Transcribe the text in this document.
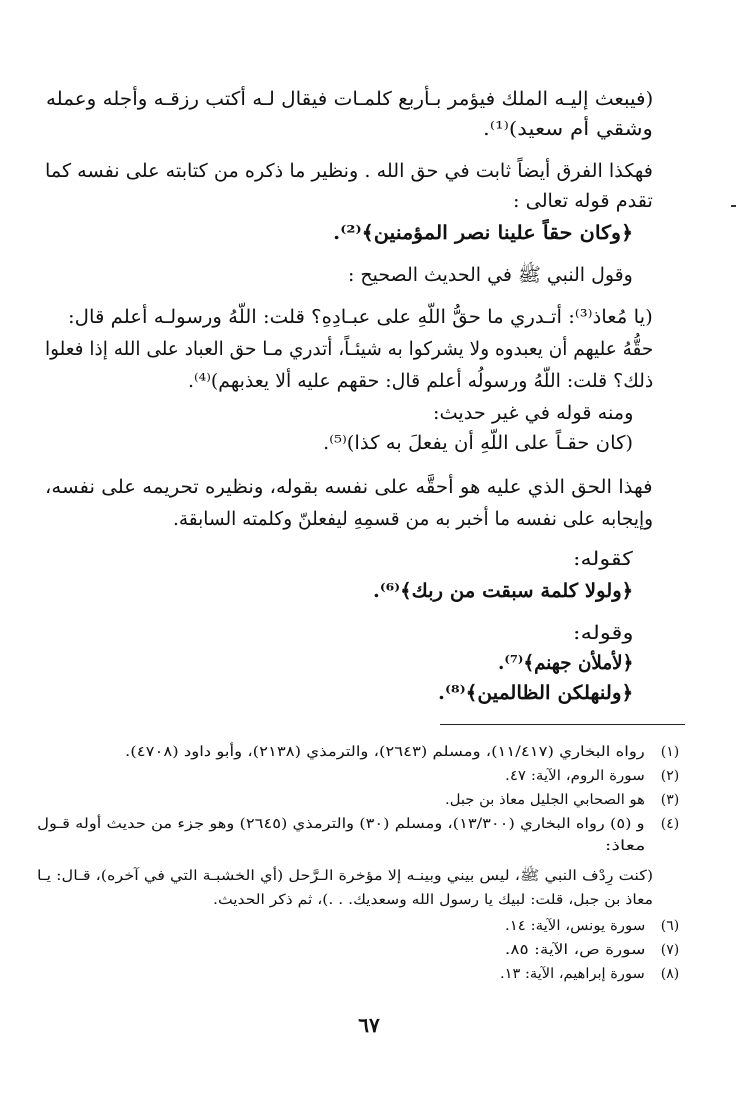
(فيبعث إليـه الملك فيؤمر بـأربع كلمـات فيقال لـه أكتب رزقـه وأجله وعمله
وشقي أم سعيد)⁽¹⁾.
فهكذا الفرق أيضاً ثابت في حق الله . ونظير ما ذكره من كتابته على نفسه كما
تقدم قوله تعالى :
﴿وكان حقاً علينا نصر المؤمنين﴾⁽²⁾.
وقول النبي ﷺ في الحديث الصحيح :
(يا مُعاذ⁽³⁾: أتـدري ما حقُّ اللّهِ على عبـادِهِ؟ قلت: اللّهُ ورسولـه أعلم قال:
حقُّهُ عليهم أن يعبدوه ولا يشركوا به شيئـاً، أتدري مـا حق العباد على الله إذا فعلوا
ذلك؟ قلت: اللّهُ ورسولُه أعلم قال: حقهم عليه ألا يعذبهم)⁽⁴⁾.
ومنه قوله في غير حديث:
(كان حقـاً على اللّهِ أن يفعلَ به كذا)⁽⁵⁾.
فهذا الحق الذي عليه هو أحقَّه على نفسه بقوله، ونظيره تحريمه على نفسه،
وإيجابه على نفسه ما أخبر به من قسمِهِ ليفعلنّ وكلمته السابقة.
كقوله:
﴿ولولا كلمة سبقت من ربك﴾⁽⁶⁾.
وقوله:
﴿لأملأن جهنم﴾⁽⁷⁾.
﴿ولنهلكن الظالمين﴾⁽⁸⁾.
(١)
رواه البخاري (١١/٤١٧)، ومسلم (٢٦٤٣)، والترمذي (٢١٣٨)، وأبو داود (٤٧٠٨).
(٢)
سورة الروم، الآية: ٤٧.
(٣)
هو الصحابي الجليل معاذ بن جبل.
(٤)
و (٥) رواه البخاري (١٣/٣٠٠)، ومسلم (٣٠) والترمذي (٢٦٤٥) وهو جزء من حديث أوله قـول
معاذ:
(كنت رِدْف النبي ﷺ، ليس بيني وبينـه إلا مؤخرة الـرَّحل (أي الخشبـة التي في آخره)، قـال: يـا
معاذ بن جبل، قلت: لبيك يا رسول الله وسعديك. . .)، ثم ذكر الحديث.
(٦)
سورة يونس، الآية: ١٤.
(٧)
سورة ص، الآية: ٨٥.
(٨)
سورة إبراهيم، الآية: ١٣.
٦٧
